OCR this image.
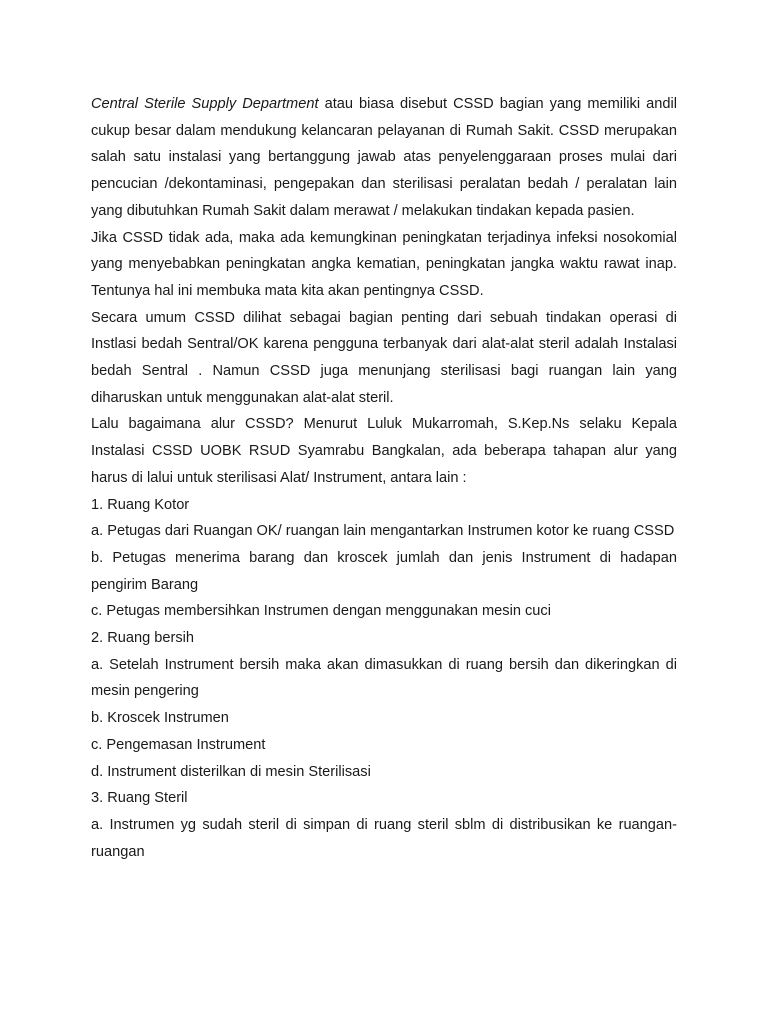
Central Sterile Supply Department atau biasa disebut CSSD bagian yang memiliki andil cukup besar dalam mendukung kelancaran pelayanan di Rumah Sakit. CSSD merupakan salah satu instalasi yang bertanggung jawab atas penyelenggaraan proses mulai dari pencucian /dekontaminasi, pengepakan dan sterilisasi peralatan bedah / peralatan lain yang dibutuhkan Rumah Sakit dalam merawat / melakukan tindakan kepada pasien.

Jika CSSD tidak ada, maka ada kemungkinan peningkatan terjadinya infeksi nosokomial yang menyebabkan peningkatan angka kematian, peningkatan jangka waktu rawat inap. Tentunya hal ini membuka mata kita akan pentingnya CSSD.

Secara umum CSSD dilihat sebagai bagian penting dari sebuah tindakan operasi di Instlasi bedah Sentral/OK karena pengguna terbanyak dari alat-alat steril adalah Instalasi bedah Sentral . Namun CSSD juga menunjang sterilisasi bagi ruangan lain yang diharuskan untuk menggunakan alat-alat steril.

Lalu bagaimana alur CSSD? Menurut Luluk Mukarromah, S.Kep.Ns selaku Kepala Instalasi CSSD UOBK RSUD Syamrabu Bangkalan, ada beberapa tahapan alur yang harus di lalui untuk sterilisasi Alat/ Instrument, antara lain :

1. Ruang Kotor

a. Petugas dari Ruangan OK/ ruangan lain mengantarkan Instrumen kotor ke ruang CSSD

b. Petugas menerima barang dan kroscek jumlah dan jenis Instrument di hadapan pengirim Barang

c. Petugas membersihkan Instrumen dengan menggunakan mesin cuci

2. Ruang bersih

a. Setelah Instrument bersih maka akan dimasukkan di ruang bersih dan dikeringkan di mesin pengering

b. Kroscek Instrumen

c. Pengemasan Instrument

d. Instrument disterilkan di mesin Sterilisasi

3. Ruang Steril

a. Instrumen yg sudah steril di simpan di ruang steril sblm di distribusikan ke ruangan-ruangan
